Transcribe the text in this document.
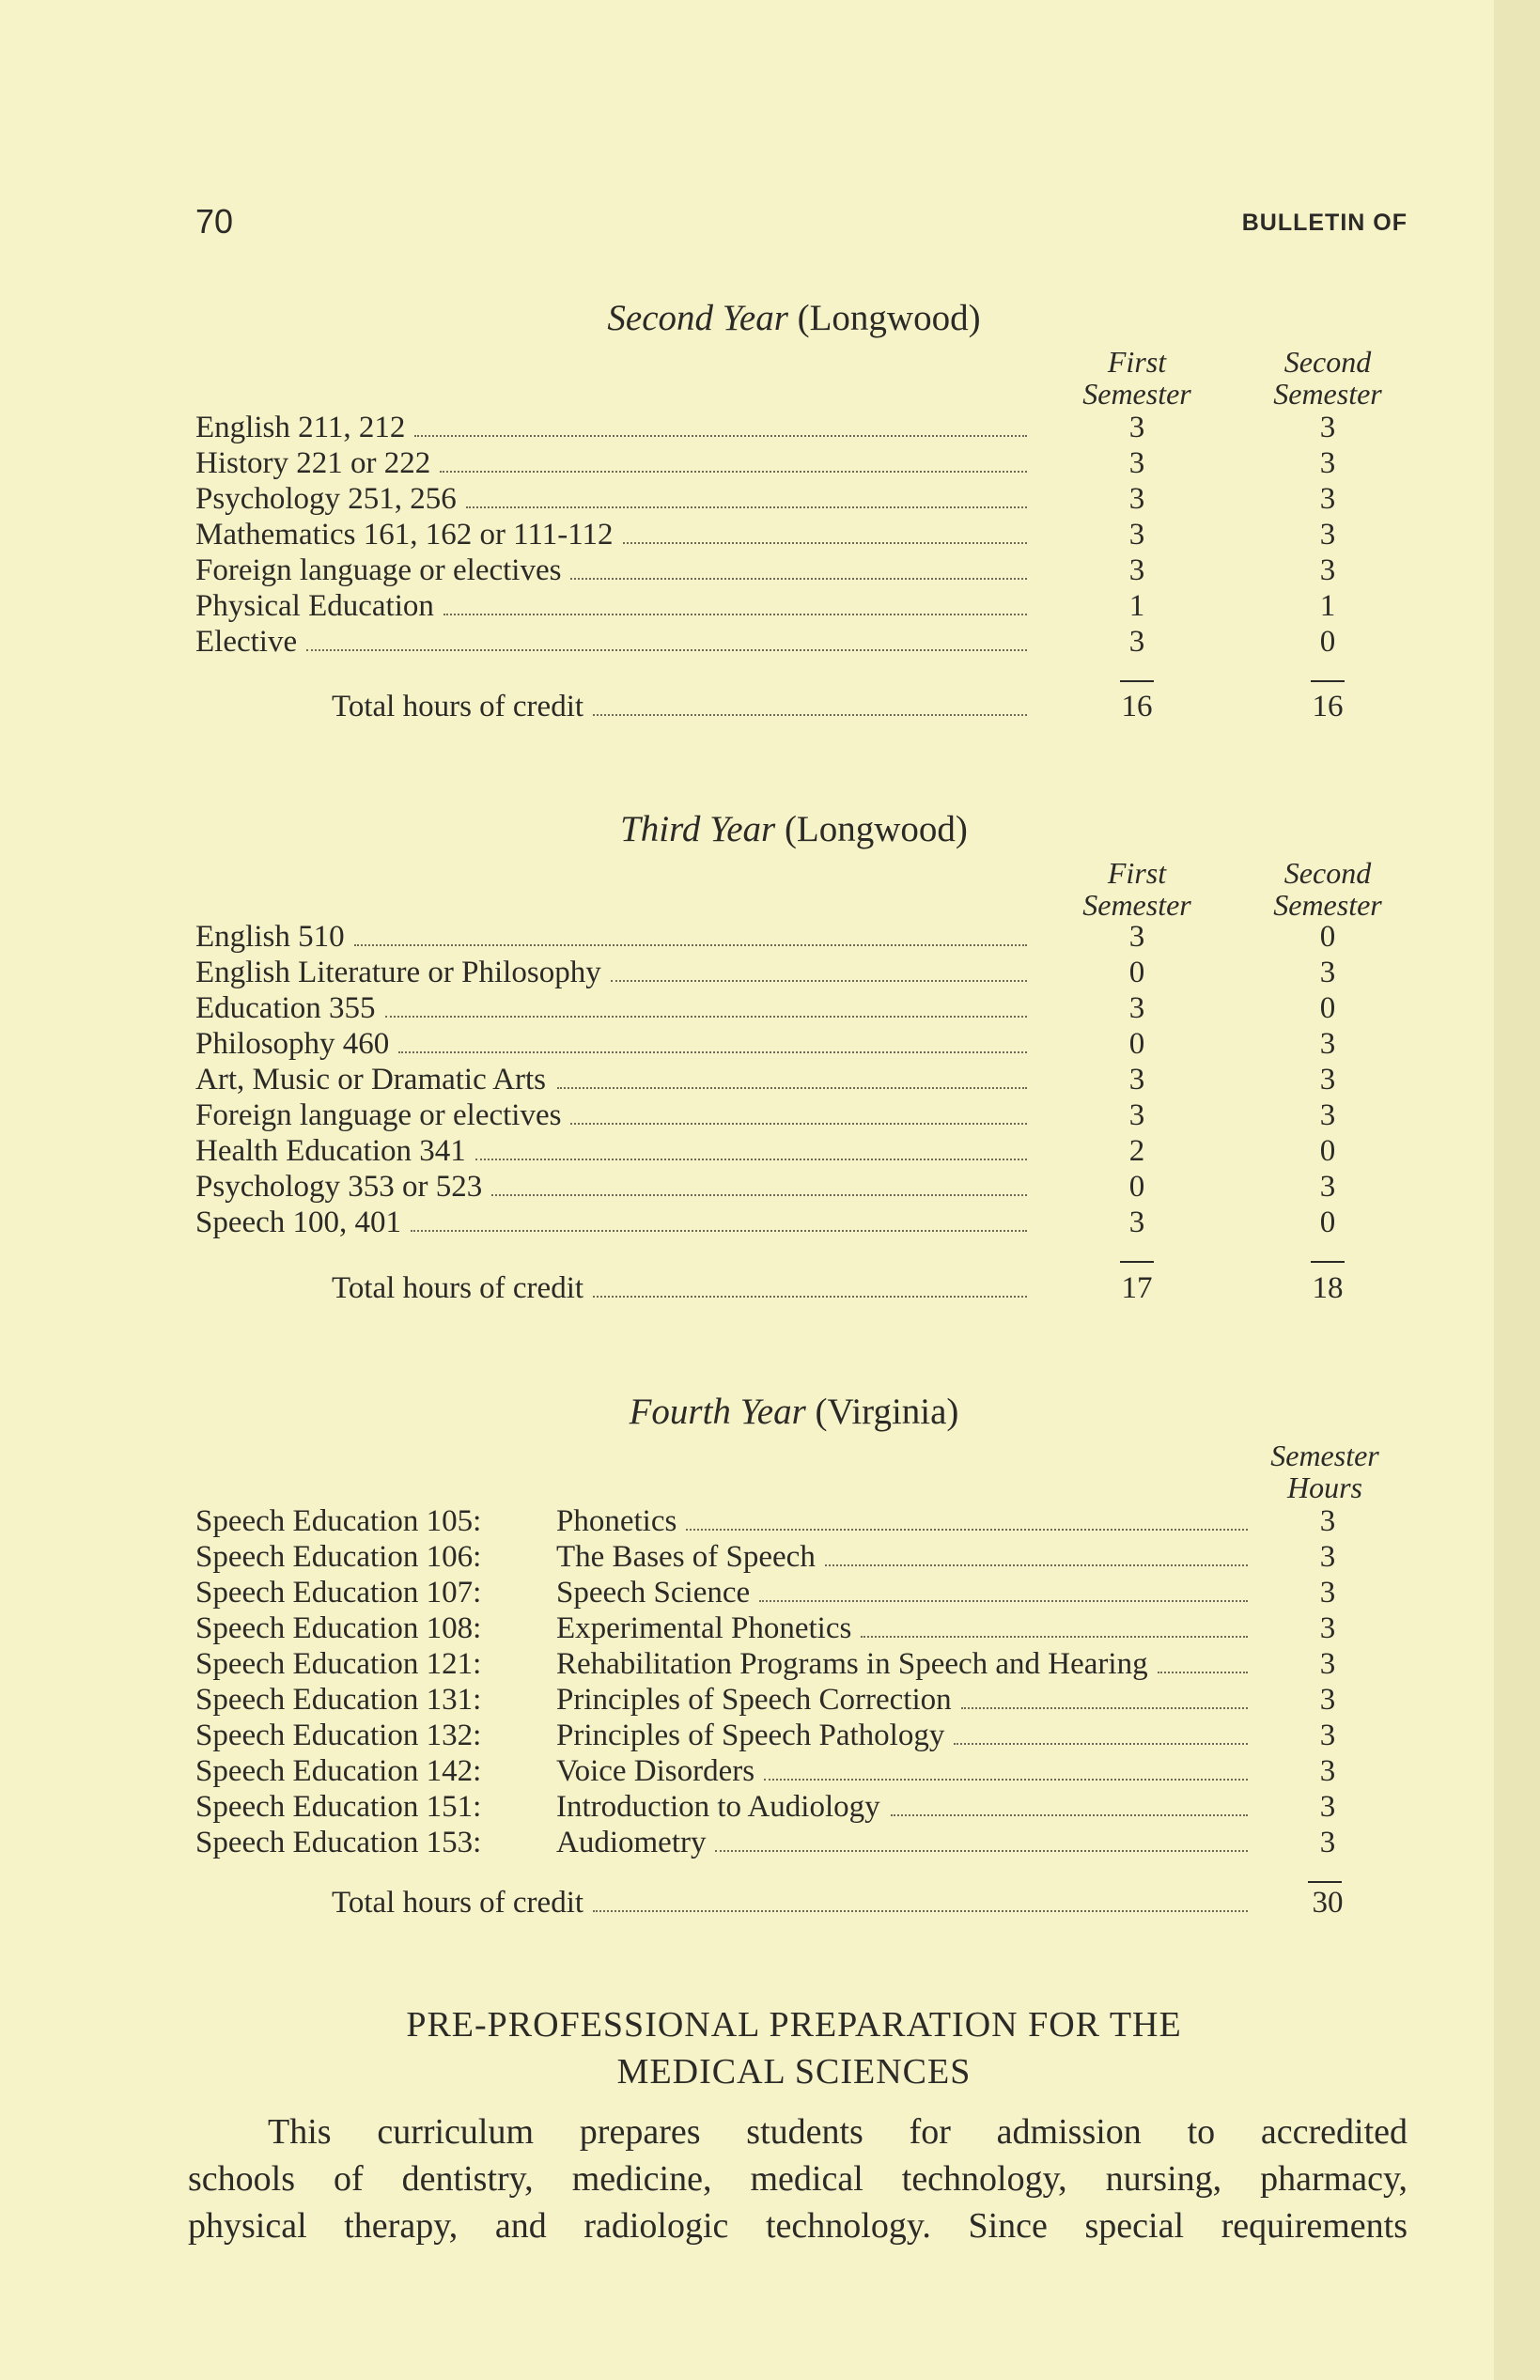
70	BULLETIN OF
Second Year (Longwood)
First
Semester
Second
Semester
English 211, 212	3	3
History 221 or 222	3	3
Psychology 251, 256	3	3
Mathematics 161, 162 or 111-112	3	3
Foreign language or electives	3	3
Physical Education	1	1
Elective	3	0
Total hours of credit	16	16
Third Year (Longwood)
First
Semester
Second
Semester
English 510	3	0
English Literature or Philosophy	0	3
Education 355	3	0
Philosophy 460	0	3
Art, Music or Dramatic Arts	3	3
Foreign language or electives	3	3
Health Education 341	2	0
Psychology 353 or 523	0	3
Speech 100, 401	3	0
Total hours of credit	17	18
Fourth Year (Virginia)
Semester
Hours
Speech Education 105: Phonetics	3
Speech Education 106: The Bases of Speech	3
Speech Education 107: Speech Science	3
Speech Education 108: Experimental Phonetics	3
Speech Education 121: Rehabilitation Programs in Speech and Hearing	3
Speech Education 131: Principles of Speech Correction	3
Speech Education 132: Principles of Speech Pathology	3
Speech Education 142: Voice Disorders	3
Speech Education 151: Introduction to Audiology	3
Speech Education 153: Audiometry	3
Total hours of credit	30
PRE-PROFESSIONAL PREPARATION FOR THE
MEDICAL SCIENCES
This curriculum prepares students for admission to accredited
schools of dentistry, medicine, medical technology, nursing, pharmacy,
physical therapy, and radiologic technology. Since special requirements
